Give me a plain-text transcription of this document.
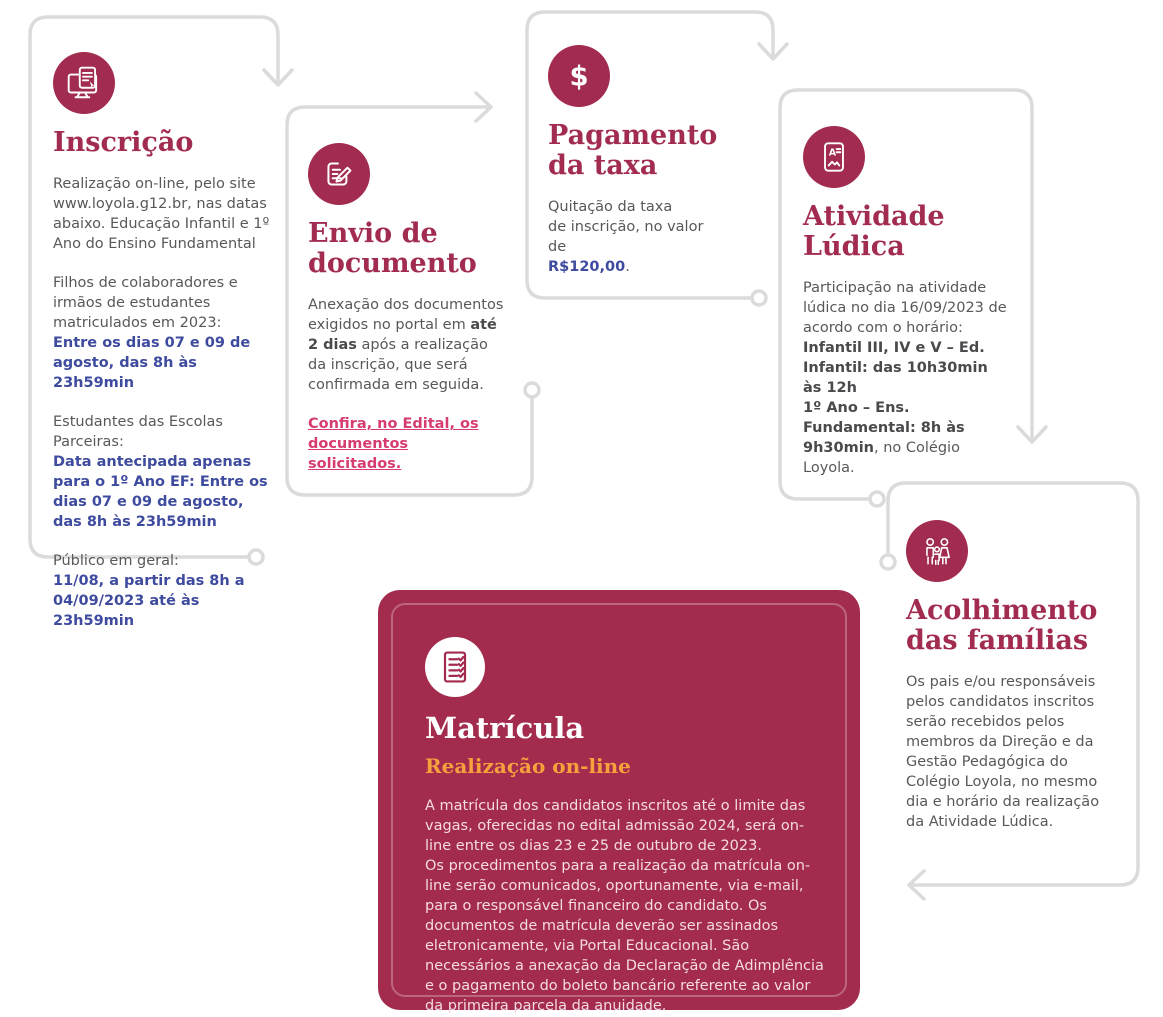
Inscrição

Realização on-line, pelo site www.loyola.g12.br, nas datas abaixo. Educação Infantil e 1º Ano do Ensino Fundamental

Filhos de colaboradores e irmãos de estudantes matriculados em 2023:
Entre os dias 07 e 09 de agosto, das 8h às 23h59min

Estudantes das Escolas Parceiras:
Data antecipada apenas para o 1º Ano EF: Entre os dias 07 e 09 de agosto, das 8h às 23h59min

Público em geral:
11/08, a partir das 8h a 04/09/2023 até às 23h59min

Envio de documento

Anexação dos documentos exigidos no portal em até 2 dias após a realização da inscrição, que será confirmada em seguida.

Confira, no Edital, os documentos solicitados.

$
Pagamento da taxa

Quitação da taxa
de inscrição, no valor de
R$120,00.

A
Atividade Lúdica

Participação na atividade lúdica no dia 16/09/2023 de acordo com o horário:
Infantil III, IV e V – Ed. Infantil: das 10h30min às 12h
1º Ano – Ens. Fundamental: 8h às 9h30min, no Colégio Loyola.

Acolhimento das famílias

Os pais e/ou responsáveis pelos candidatos inscritos serão recebidos pelos membros da Direção e da Gestão Pedagógica do Colégio Loyola, no mesmo dia e horário da realização da Atividade Lúdica.

Matrícula
Realização on-line

A matrícula dos candidatos inscritos até o limite das vagas, oferecidas no edital admissão 2024, será on-line entre os dias 23 e 25 de outubro de 2023.
Os procedimentos para a realização da matrícula on-line serão comunicados, oportunamente, via e-mail, para o responsável financeiro do candidato. Os documentos de matrícula deverão ser assinados eletronicamente, via Portal Educacional. São necessários a anexação da Declaração de Adimplência e o pagamento do boleto bancário referente ao valor da primeira parcela da anuidade.
